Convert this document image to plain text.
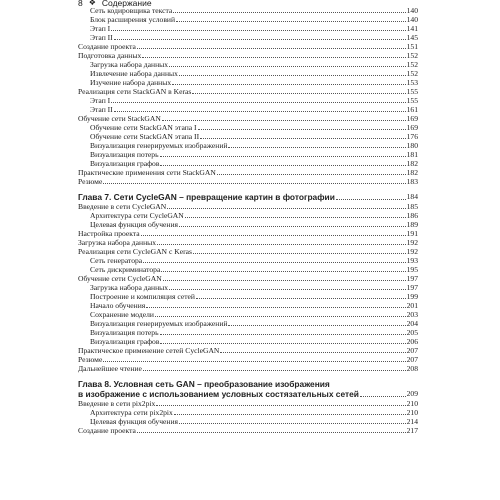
8 ❖ Содержание
Сеть кодировщика текста	140
Блок расширения условий	140
Этап I	141
Этап II	145
Создание проекта	151
Подготовка данных	152
Загрузка набора данных	152
Извлечение набора данных	152
Изучение набора данных	153
Реализация сети StackGAN в Keras	155
Этап I	155
Этап II	161
Обучение сети StackGAN	169
Обучение сети StackGAN этапа I	169
Обучение сети StackGAN этапа II	176
Визуализация генерируемых изображений	180
Визуализация потерь	181
Визуализация графов	182
Практические применения сети StackGAN	182
Резюме	183
Глава 7. Сети CycleGAN – превращение картин в фотографии	184
Введение в сети CycleGAN	185
Архитектура сети CycleGAN	186
Целевая функция обучения	189
Настройка проекта	191
Загрузка набора данных	192
Реализация сети CycleGAN с Keras	192
Сеть генератора	193
Сеть дискриминатора	195
Обучение сети CycleGAN	197
Загрузка набора данных	197
Построение и компиляция сетей	199
Начало обучения	201
Сохранение модели	203
Визуализация генерируемых изображений	204
Визуализация потерь	205
Визуализация графов	206
Практическое применение сетей CycleGAN	207
Резюме	207
Дальнейшее чтение	208
Глава 8. Условная сеть GAN – преобразование изображения
в изображение с использованием условных состязательных сетей	209
Введение в сети pix2pix	210
Архитектура сети pix2pix	210
Целевая функция обучения	214
Создание проекта	217
